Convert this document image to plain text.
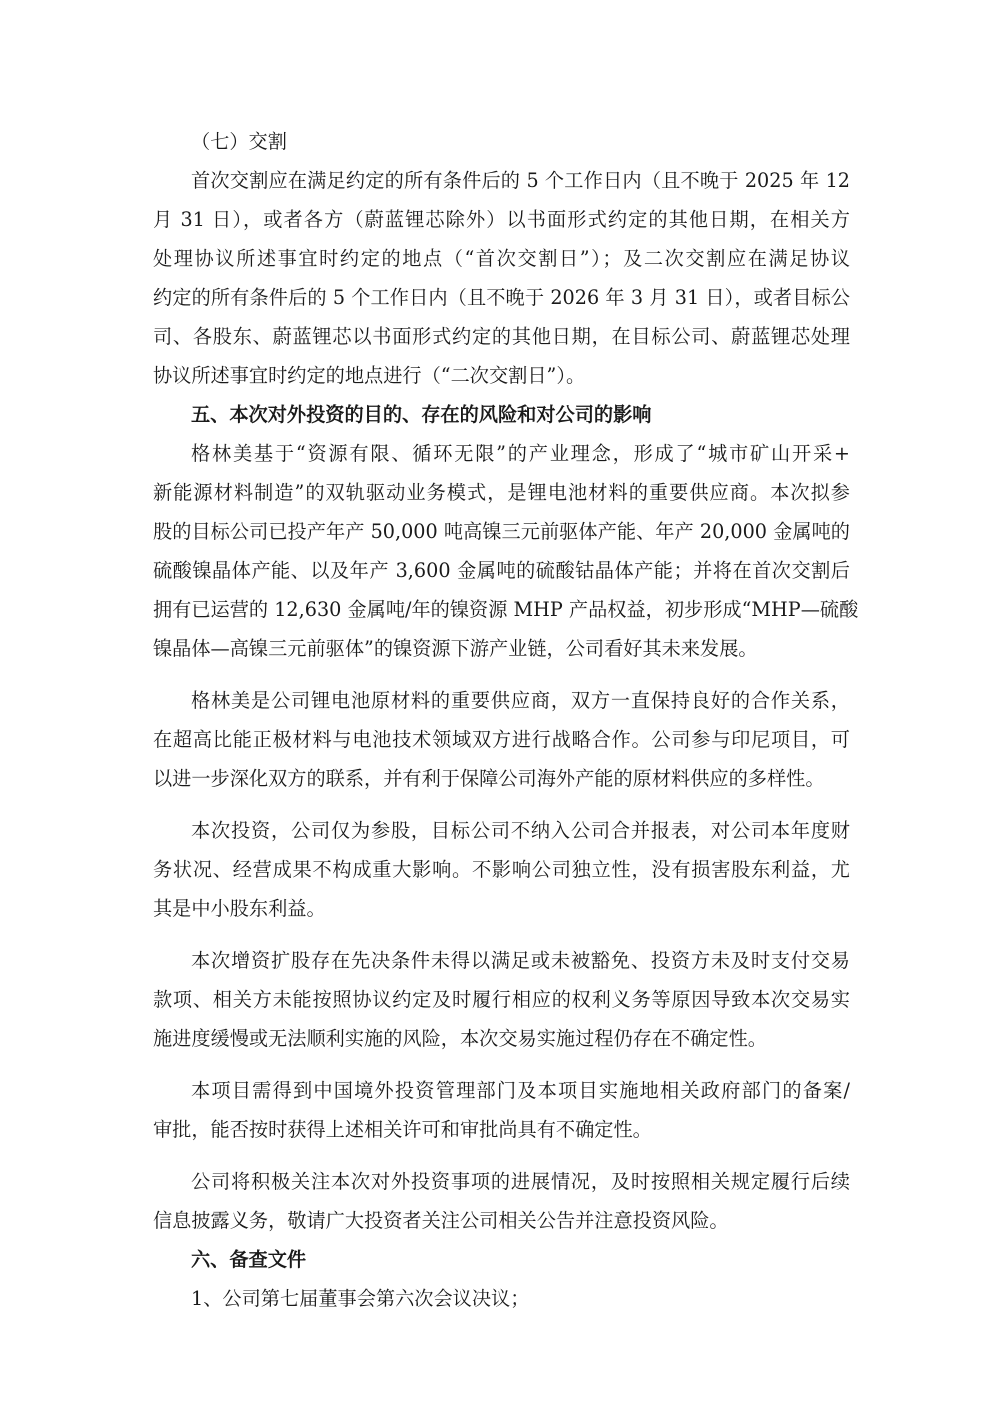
（七）交割
首次交割应在满足约定的所有条件后的 5 个工作日内（且不晚于 2025 年 12
月 31 日），或者各方（蔚蓝锂芯除外）以书面形式约定的其他日期，在相关方
处理协议所述事宜时约定的地点（“首次交割日”）；及二次交割应在满足协议
约定的所有条件后的 5 个工作日内（且不晚于 2026 年 3 月 31 日），或者目标公
司、各股东、蔚蓝锂芯以书面形式约定的其他日期，在目标公司、蔚蓝锂芯处理
协议所述事宜时约定的地点进行（“二次交割日”）。
五、本次对外投资的目的、存在的风险和对公司的影响
格林美基于“资源有限、循环无限”的产业理念，形成了“城市矿山开采+
新能源材料制造”的双轨驱动业务模式，是锂电池材料的重要供应商。本次拟参
股的目标公司已投产年产 50,000 吨高镍三元前驱体产能、年产 20,000 金属吨的
硫酸镍晶体产能、以及年产 3,600 金属吨的硫酸钴晶体产能；并将在首次交割后
拥有已运营的 12,630 金属吨/年的镍资源 MHP 产品权益，初步形成“MHP—硫酸
镍晶体—高镍三元前驱体”的镍资源下游产业链，公司看好其未来发展。
格林美是公司锂电池原材料的重要供应商，双方一直保持良好的合作关系，
在超高比能正极材料与电池技术领域双方进行战略合作。公司参与印尼项目，可
以进一步深化双方的联系，并有利于保障公司海外产能的原材料供应的多样性。
本次投资，公司仅为参股，目标公司不纳入公司合并报表，对公司本年度财
务状况、经营成果不构成重大影响。不影响公司独立性，没有损害股东利益，尤
其是中小股东利益。
本次增资扩股存在先决条件未得以满足或未被豁免、投资方未及时支付交易
款项、相关方未能按照协议约定及时履行相应的权利义务等原因导致本次交易实
施进度缓慢或无法顺利实施的风险，本次交易实施过程仍存在不确定性。
本项目需得到中国境外投资管理部门及本项目实施地相关政府部门的备案/
审批，能否按时获得上述相关许可和审批尚具有不确定性。
公司将积极关注本次对外投资事项的进展情况，及时按照相关规定履行后续
信息披露义务，敬请广大投资者关注公司相关公告并注意投资风险。
六、备查文件
1、公司第七届董事会第六次会议决议；
